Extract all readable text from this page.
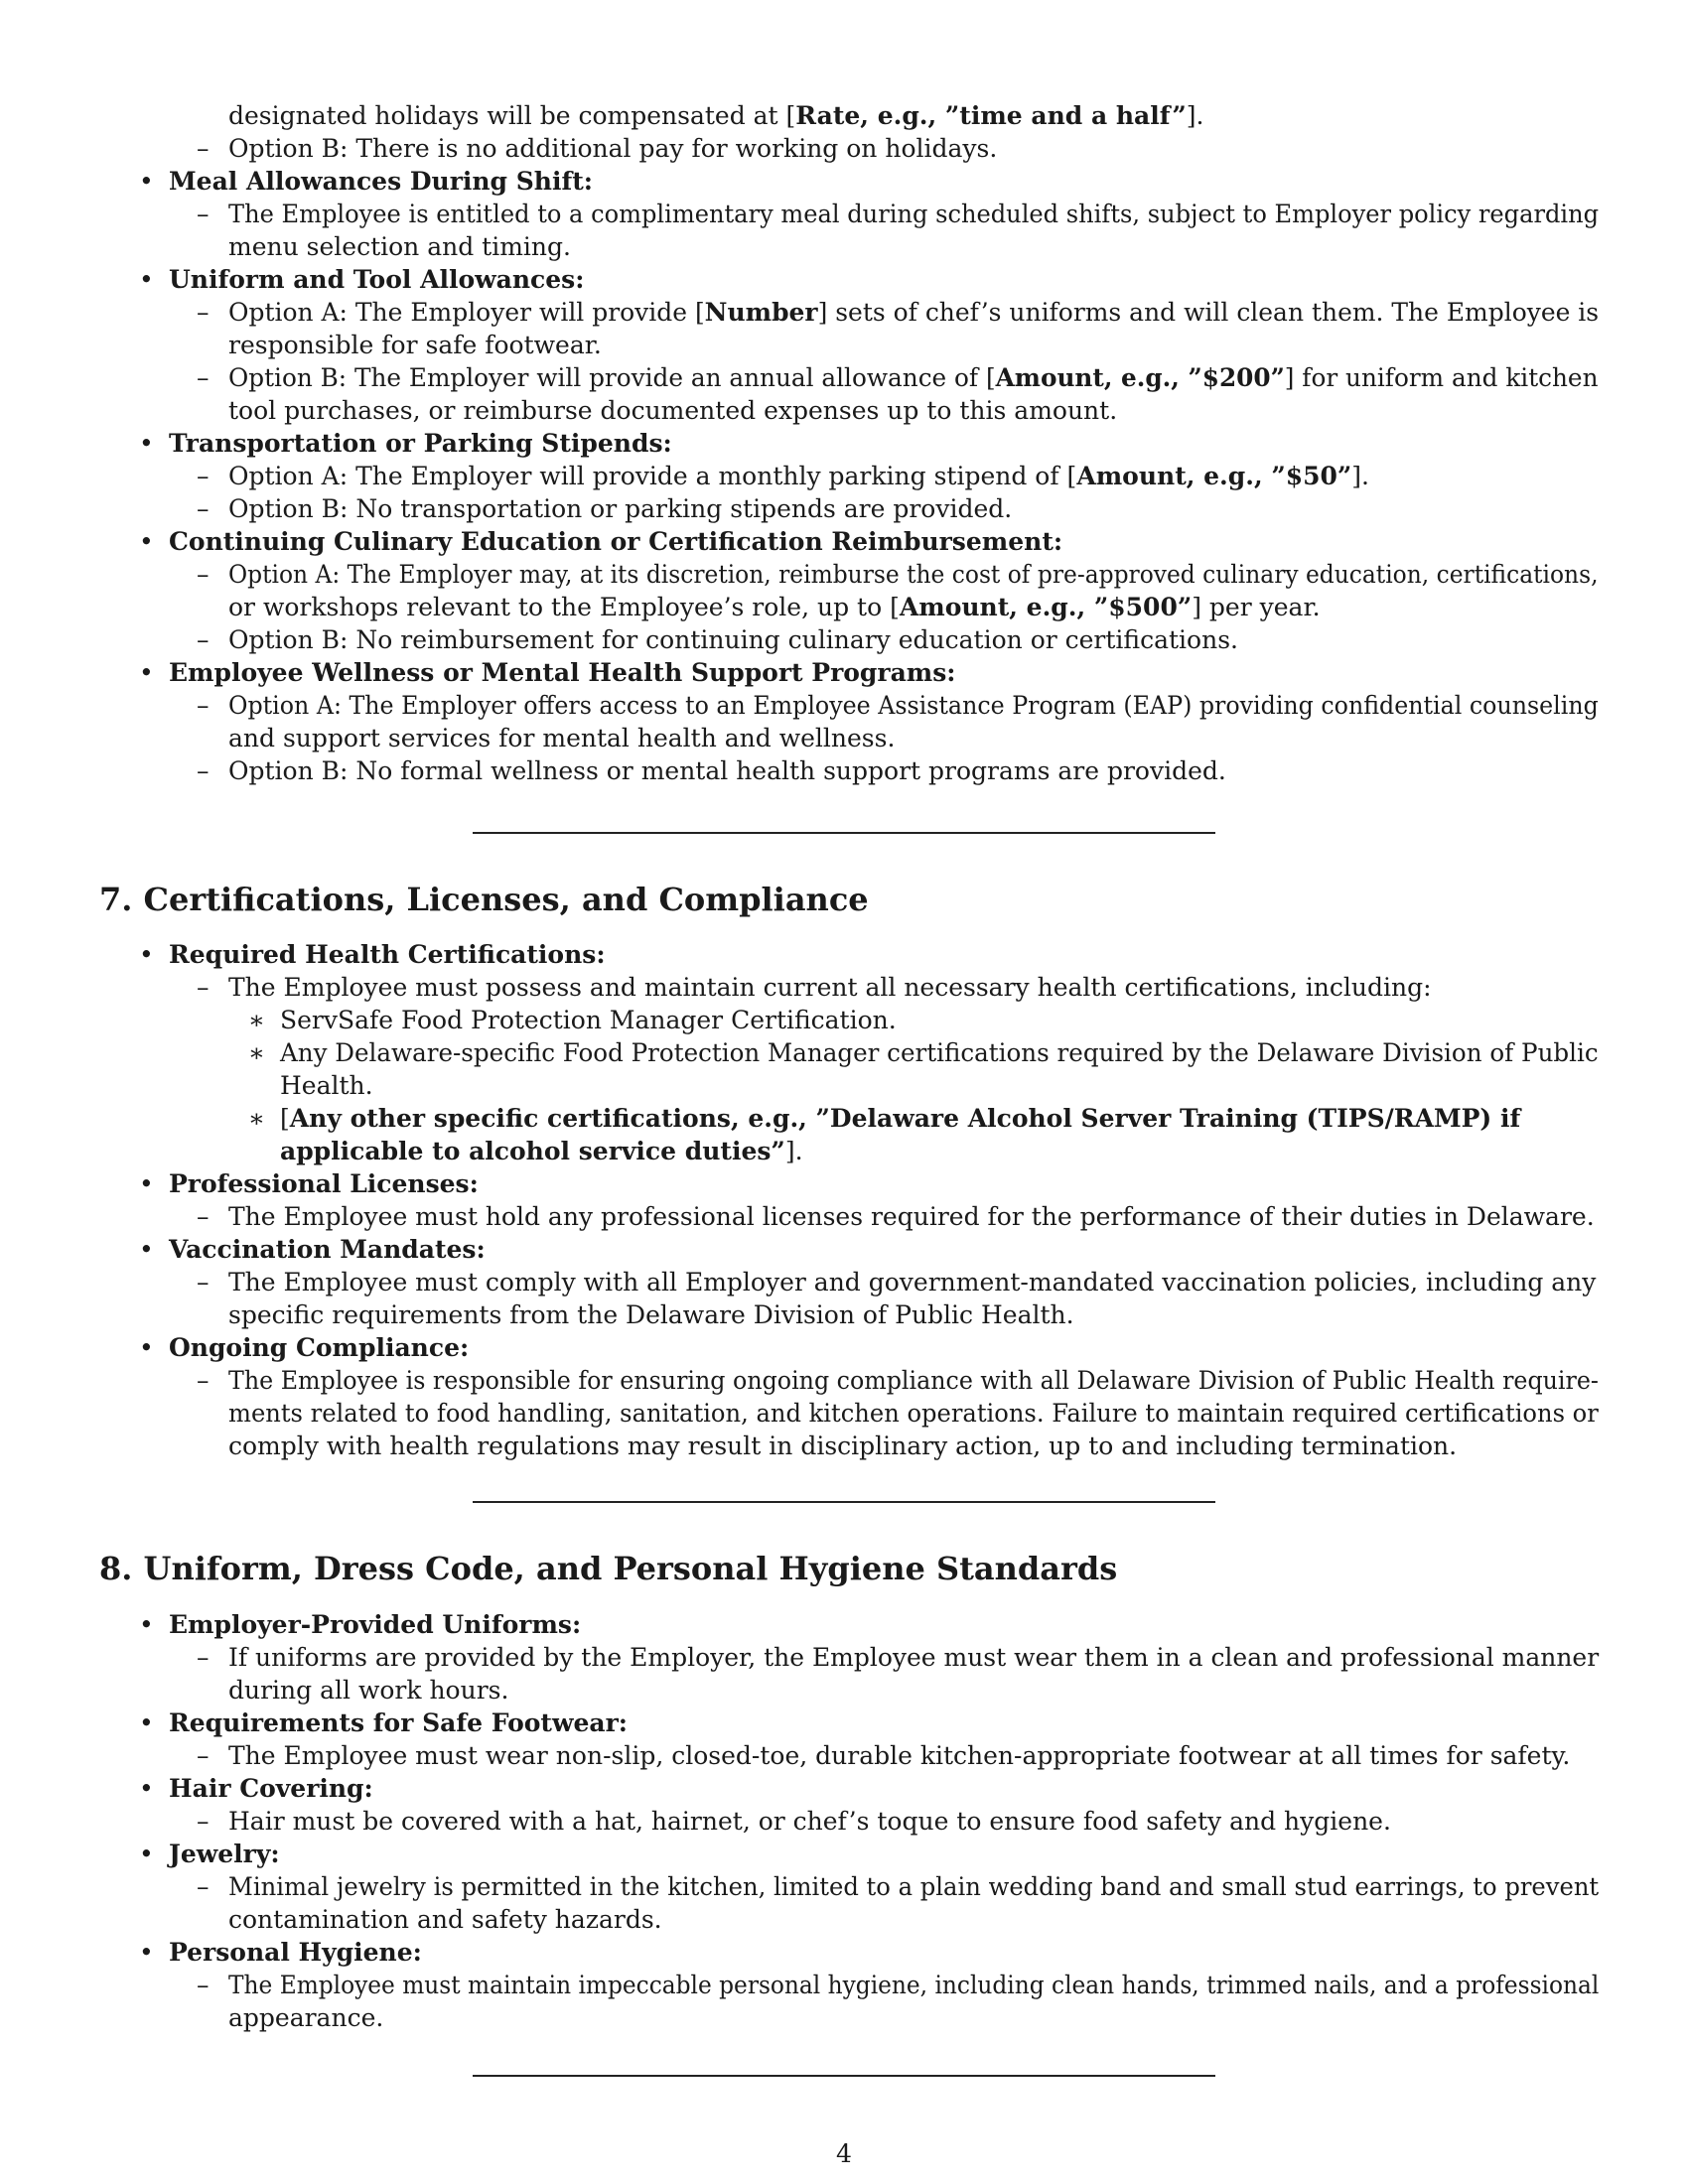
designated holidays will be compensated at [Rate, e.g., ”time and a half”].
– Option B: There is no additional pay for working on holidays.
• Meal Allowances During Shift:
– The Employee is entitled to a complimentary meal during scheduled shifts, subject to Employer policy regarding
menu selection and timing.
• Uniform and Tool Allowances:
– Option A: The Employer will provide [Number] sets of chef’s uniforms and will clean them. The Employee is
responsible for safe footwear.
– Option B: The Employer will provide an annual allowance of [Amount, e.g., ”$200”] for uniform and kitchen
tool purchases, or reimburse documented expenses up to this amount.
• Transportation or Parking Stipends:
– Option A: The Employer will provide a monthly parking stipend of [Amount, e.g., ”$50”].
– Option B: No transportation or parking stipends are provided.
• Continuing Culinary Education or Certification Reimbursement:
– Option A: The Employer may, at its discretion, reimburse the cost of pre-approved culinary education, certifications,
or workshops relevant to the Employee’s role, up to [Amount, e.g., ”$500”] per year.
– Option B: No reimbursement for continuing culinary education or certifications.
• Employee Wellness or Mental Health Support Programs:
– Option A: The Employer offers access to an Employee Assistance Program (EAP) providing confidential counseling
and support services for mental health and wellness.
– Option B: No formal wellness or mental health support programs are provided.
7. Certifications, Licenses, and Compliance
• Required Health Certifications:
– The Employee must possess and maintain current all necessary health certifications, including:
∗ ServSafe Food Protection Manager Certification.
∗ Any Delaware-specific Food Protection Manager certifications required by the Delaware Division of Public
Health.
∗ [Any other specific certifications, e.g., ”Delaware Alcohol Server Training (TIPS/RAMP) if
applicable to alcohol service duties”].
• Professional Licenses:
– The Employee must hold any professional licenses required for the performance of their duties in Delaware.
• Vaccination Mandates:
– The Employee must comply with all Employer and government-mandated vaccination policies, including any
specific requirements from the Delaware Division of Public Health.
• Ongoing Compliance:
– The Employee is responsible for ensuring ongoing compliance with all Delaware Division of Public Health require-
ments related to food handling, sanitation, and kitchen operations. Failure to maintain required certifications or
comply with health regulations may result in disciplinary action, up to and including termination.
8. Uniform, Dress Code, and Personal Hygiene Standards
• Employer-Provided Uniforms:
– If uniforms are provided by the Employer, the Employee must wear them in a clean and professional manner
during all work hours.
• Requirements for Safe Footwear:
– The Employee must wear non-slip, closed-toe, durable kitchen-appropriate footwear at all times for safety.
• Hair Covering:
– Hair must be covered with a hat, hairnet, or chef’s toque to ensure food safety and hygiene.
• Jewelry:
– Minimal jewelry is permitted in the kitchen, limited to a plain wedding band and small stud earrings, to prevent
contamination and safety hazards.
• Personal Hygiene:
– The Employee must maintain impeccable personal hygiene, including clean hands, trimmed nails, and a professional
appearance.
4
